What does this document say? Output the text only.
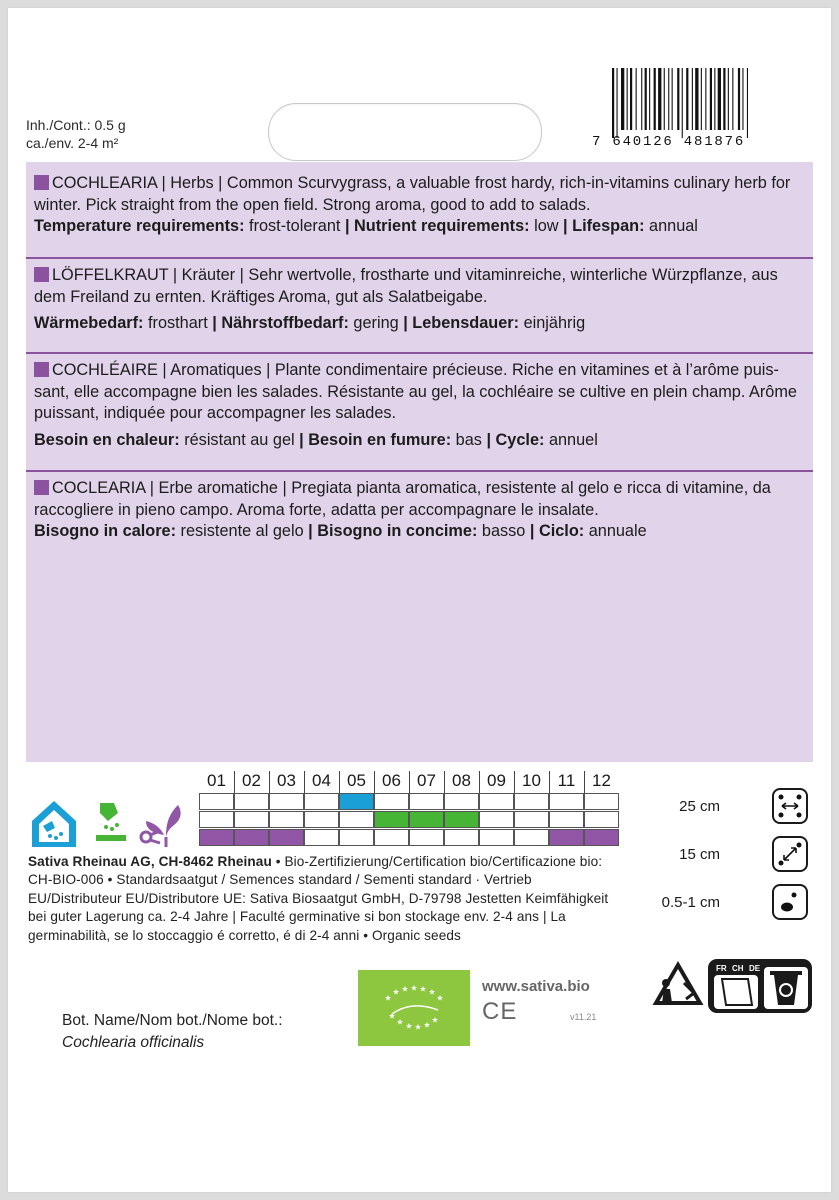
Inh./Cont.: 0.5 g
ca./env. 2-4 m²	7 640126 481876
COCHLEARIA | Herbs | Common Scurvygrass, a valuable frost hardy, rich-in-vitamins culinary herb for winter. Pick straight from the open field. Strong aroma, good to add to salads.
Temperature requirements: frost-tolerant | Nutrient requirements: low | Lifespan: annual
LÖFFELKRAUT | Kräuter | Sehr wertvolle, frostharte und vitaminreiche, winterliche Würzpflanze, aus dem Freiland zu ernten. Kräftiges Aroma, gut als Salatbeigabe.
Wärmebedarf: frosthart | Nährstoffbedarf: gering | Lebensdauer: einjährig
COCHLÉAIRE | Aromatiques | Plante condimentaire précieuse. Riche en vitamines et à l’arôme puis-sant, elle accompagne bien les salades. Résistante au gel, la cochléaire se cultive en plein champ. Arôme puissant, indiquée pour accompagner les salades.
Besoin en chaleur: résistant au gel | Besoin en fumure: bas | Cycle: annuel
COCLEARIA | Erbe aromatiche | Pregiata pianta aromatica, resistente al gelo e ricca di vitamine, da raccogliere in pieno campo. Aroma forte, adatta per accompagnare le insalate.
Bisogno in calore: resistente al gelo | Bisogno in concime: basso | Ciclo: annuale
01 02 03 04 05 06 07 08 09 10 11 12
25 cm
15 cm
0.5-1 cm
Sativa Rheinau AG, CH-8462 Rheinau • Bio-Zertifizierung/Certification bio/Certificazione bio: CH-BIO-006 • Standardsaatgut / Semences standard / Sementi standard · Vertrieb EU/Distributeur EU/Distributore UE: Sativa Biosaatgut GmbH, D-79798 Jestetten Keimfähigkeit bei guter Lagerung ca. 2-4 Jahre | Faculté germinative si bon stockage env. 2-4 ans | La germinabilità, se lo stoccaggio é corretto, é di 2-4 anni • Organic seeds
www.sativa.bio
CE	v11.21
Bot. Name/Nom bot./Nome bot.:
Cochlearia officinalis
FR CH DE
